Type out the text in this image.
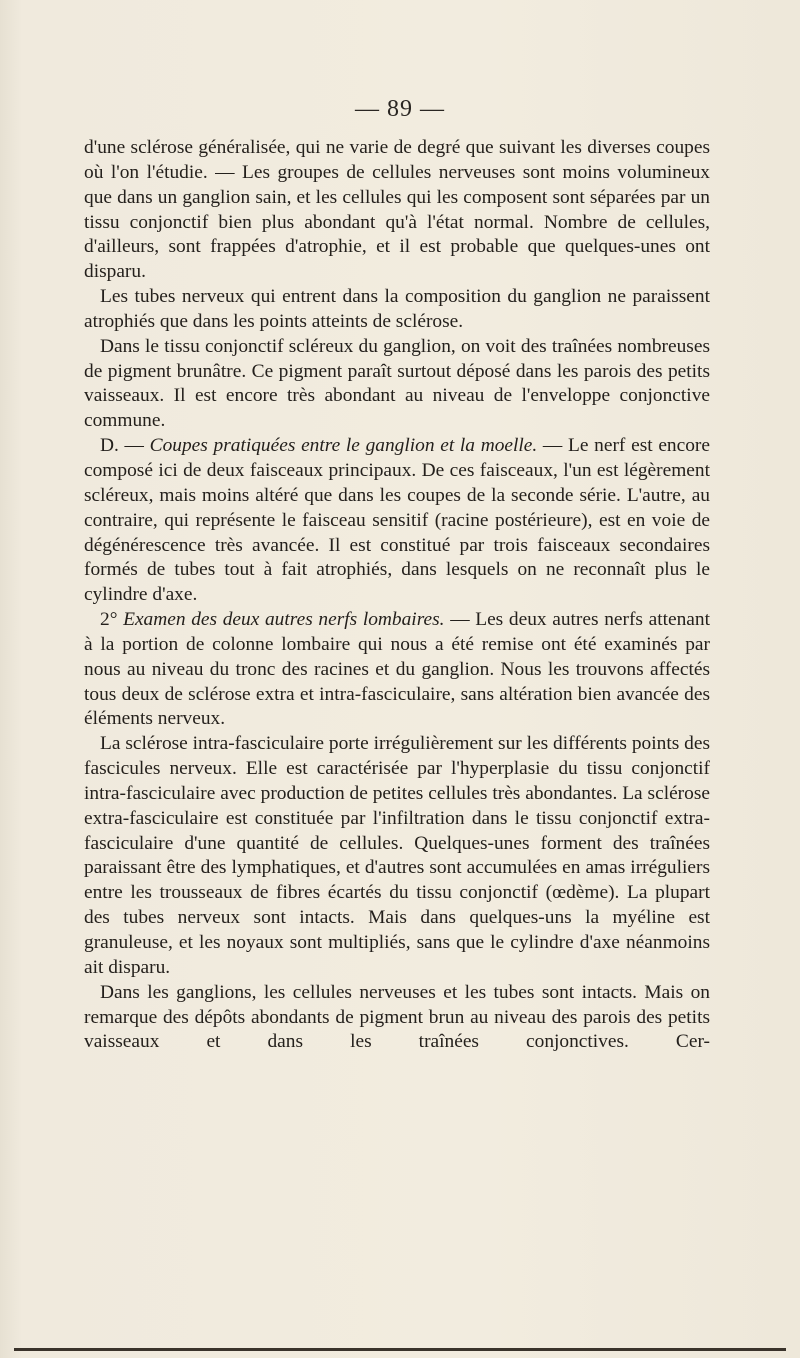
— 89 —

d'une sclérose généralisée, qui ne varie de degré que suivant les diverses coupes où l'on l'étudie. — Les groupes de cellules nerveuses sont moins volumineux que dans un ganglion sain, et les cellules qui les composent sont séparées par un tissu conjonctif bien plus abondant qu'à l'état normal. Nombre de cellules, d'ailleurs, sont frappées d'atrophie, et il est probable que quelques-unes ont disparu.

Les tubes nerveux qui entrent dans la composition du ganglion ne paraissent atrophiés que dans les points atteints de sclérose.

Dans le tissu conjonctif scléreux du ganglion, on voit des traînées nombreuses de pigment brunâtre. Ce pigment paraît surtout déposé dans les parois des petits vaisseaux. Il est encore très abondant au niveau de l'enveloppe conjonctive commune.

D. — Coupes pratiquées entre le ganglion et la moelle. — Le nerf est encore composé ici de deux faisceaux principaux. De ces faisceaux, l'un est légèrement scléreux, mais moins altéré que dans les coupes de la seconde série. L'autre, au contraire, qui représente le faisceau sensitif (racine postérieure), est en voie de dégénérescence très avancée. Il est constitué par trois faisceaux secondaires formés de tubes tout à fait atrophiés, dans lesquels on ne reconnaît plus le cylindre d'axe.

2° Examen des deux autres nerfs lombaires. — Les deux autres nerfs attenant à la portion de colonne lombaire qui nous a été remise ont été examinés par nous au niveau du tronc des racines et du ganglion. Nous les trouvons affectés tous deux de sclérose extra et intra-fasciculaire, sans altération bien avancée des éléments nerveux.

La sclérose intra-fasciculaire porte irrégulièrement sur les différents points des fascicules nerveux. Elle est caractérisée par l'hyperplasie du tissu conjonctif intra-fasciculaire avec production de petites cellules très abondantes. La sclérose extra-fasciculaire est constituée par l'infiltration dans le tissu conjonctif extra-fasciculaire d'une quantité de cellules. Quelques-unes forment des traînées paraissant être des lymphatiques, et d'autres sont accumulées en amas irréguliers entre les trousseaux de fibres écartés du tissu conjonctif (œdème). La plupart des tubes nerveux sont intacts. Mais dans quelques-uns la myéline est granuleuse, et les noyaux sont multipliés, sans que le cylindre d'axe néanmoins ait disparu.

Dans les ganglions, les cellules nerveuses et les tubes sont intacts. Mais on remarque des dépôts abondants de pigment brun au niveau des parois des petits vaisseaux et dans les traînées conjonctives. Cer-
